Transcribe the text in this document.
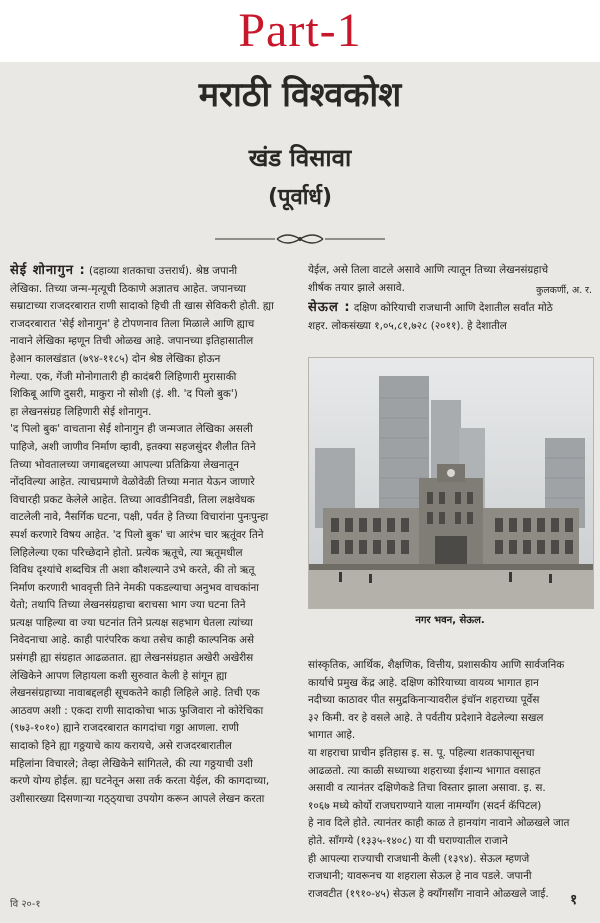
Part-1
मराठी विश्वकोश
खंड विसावा
(पूर्वार्ध)

सेई शोनागुन : (दहाव्या शतकाचा उत्तरार्ध). श्रेष्ठ जपानी
लेखिका. तिच्या जन्म-मृत्यूची ठिकाणे अज्ञातच आहेत. जपानच्या
सम्राटाच्या राजदरबारात राणी सादाको हिची ती खास सेविकरी होती. ह्या
राजदरबारात 'सेई शोनागुन' हे टोपणनाव तिला मिळाले आणि ह्याच
नावाने लेखिका म्हणून तिची ओळख आहे. जपानच्या इतिहासातील
हेआन कालखंडात (७९४-११८५) दोन श्रेष्ठ लेखिका होऊन
गेल्या. एक, गेंजी मोनोगातारी ही कादंबरी लिहिणारी मुरासाकी
शिकिबू आणि दुसरी, माकुरा नो सोशी (इं. शी. 'द पिलो बुक')
हा लेखनसंग्रह लिहिणारी सेई शोनागुन.
'द पिलो बुक' वाचताना सेई शोनागुन ही जन्मजात लेखिका असली
पाहिजे, अशी जाणीव निर्माण व्हावी, इतक्या सहजसुंदर शैलीत तिने
तिच्या भोवतालच्या जगाबद्दलच्या आपल्या प्रतिक्रिया लेखनातून
नोंदविल्या आहेत. त्याचप्रमाणे वेळोवेळी तिच्या मनात येऊन जाणारे
विचारही प्रकट केलेले आहेत. तिच्या आवडीनिवडी, तिला लक्षवेधक
वाटलेली नावे, नैसर्गिक घटना, पक्षी, पर्वत हे तिच्या विचारांना पुनःपुन्हा
स्पर्श करणारे विषय आहेत. 'द पिलो बुक' चा आरंभ चार ऋतूंवर तिने
लिहिलेल्या एका परिच्छेदाने होतो. प्रत्येक ऋतूचे, त्या ऋतूमधील
विविध दृश्यांचे शब्दचित्र ती अशा कौशल्याने उभे करते, की तो ऋतू
निर्माण करणारी भाववृत्ती तिने नेमकी पकडल्याचा अनुभव वाचकांना
येतो; तथापि तिच्या लेखनसंग्रहाचा बराचसा भाग ज्या घटना तिने
प्रत्यक्ष पाहिल्या वा ज्या घटनांत तिने प्रत्यक्ष सहभाग घेतला त्यांच्या
निवेदनाचा आहे. काही पारंपरिक कथा तसेच काही काल्पनिक असे
प्रसंगही ह्या संग्रहात आढळतात. ह्या लेखनसंग्रहात अखेरी अखेरीस
लेखिकेने आपण लिहायला कशी सुरुवात केली हे सांगून ह्या
लेखनसंग्रहाच्या नावाबद्दलही सूचकतेने काही लिहिले आहे. तिची एक
आठवण अशी : एकदा राणी सादाकोचा भाऊ फुजिवारा नो कोरेचिका
(९७३-१०१०) ह्याने राजदरबारात कागदांचा गठ्ठा आणला. राणी
सादाको हिने ह्या गठ्ठयाचे काय करायचे, असे राजदरबारातील
महिलांना विचारले; तेव्हा लेखिकेने सांगितले, की त्या गठ्ठयाची उशी
करणे योग्य होईल. ह्या घटनेतून असा तर्क करता येईल, की कागदाच्या,
उशीसारख्या दिसणाऱ्या गठ्ठ्याचा उपयोग करून आपले लेखन करता

येईल, असे तिला वाटले असावे आणि त्यातून तिच्या लेखनसंग्रहाचे
शीर्षक तयार झाले असावे.	कुलकर्णी, अ. र.
सेऊल : दक्षिण कोरियाची राजधानी आणि देशातील सर्वांत मोठे
शहर. लोकसंख्या १,०५,८१,७२८ (२०११). हे देशातील

नगर भवन, सेऊल.

सांस्कृतिक, आर्थिक, शैक्षणिक, वित्तीय, प्रशासकीय आणि सार्वजनिक
कार्याचे प्रमुख केंद्र आहे. दक्षिण कोरियाच्या वायव्य भागात हान
नदीच्या काठावर पीत समुद्रकिनाऱ्यावरील इंचॉन शहराच्या पूर्वेस
३२ किमी. वर हे वसले आहे. ते पर्वतीय प्रदेशाने वेढलेल्या सखल
भागात आहे.
या शहराचा प्राचीन इतिहास इ. स. पू. पहिल्या शतकापासूनचा
आढळतो. त्या काळी सध्याच्या शहराच्या ईशान्य भागात वसाहत
असावी व त्यानंतर दक्षिणेकडे तिचा विस्तार झाला असावा. इ. स.
१०६७ मध्ये कोर्यो राजघराण्याने याला नामग्यॉंग (सदर्न कॅपिटल)
हे नाव दिले होते. त्यानंतर काही काळ ते हानयांग नावाने ओळखले जात
होते. सॉंगग्ये (१३३५-१४०८) या यी घराण्यातील राजाने
ही आपल्या राज्याची राजधानी केली (१३९४). सेऊल म्हणजे
राजधानी; यावरूनच या शहराला सेऊल हे नाव पडले. जपानी
राजवटीत (१९१०-४५) सेऊल हे क्यॉंगसॉंग नावाने ओळखले जाई.

वि २०-१	१
